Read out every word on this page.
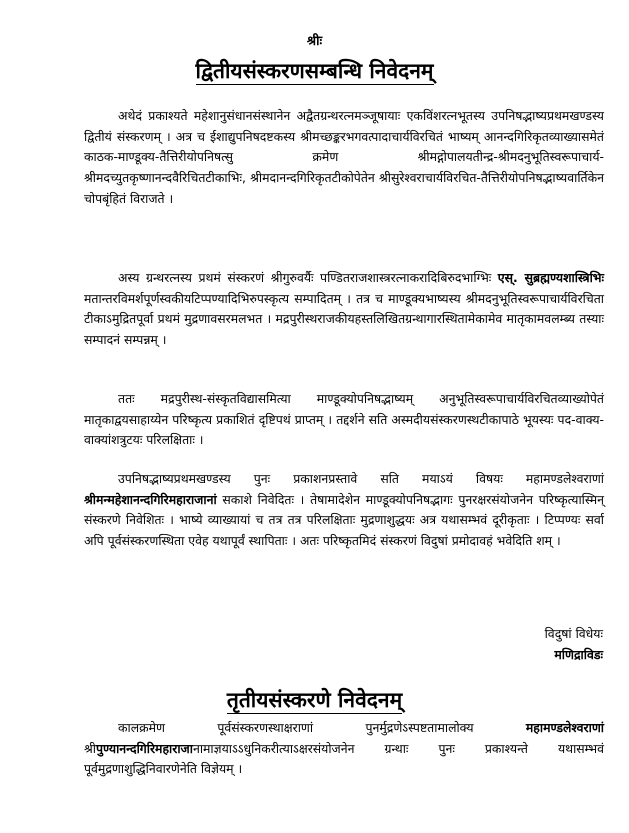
श्रीः
द्वितीयसंस्करणसम्बन्धि निवेदनम्

अथेदं प्रकाश्यते महेशानुसंधानसंस्थानेन अद्वैतग्रन्थरत्नमञ्जूषायाः एकविंशरत्नभूतस्य उपनिषद्भाष्यप्रथमखण्डस्य द्वितीयं संस्करणम् । अत्र च ईशाद्युपनिषदष्टकस्य श्रीमच्छङ्करभगवत्पादाचार्यविरचितं भाष्यम् आनन्दगिरिकृतव्याख्यासमेतं काठक-माण्डूक्य-तैत्तिरीयोपनिषत्सु क्रमेण श्रीमद्गोपालयतीन्द्र-श्रीमदनुभूतिस्वरूपाचार्य-श्रीमदच्युतकृष्णानन्दवैरिचितटीकाभिः, श्रीमदानन्दगिरिकृतटीकोपेतेन श्रीसुरेश्वराचार्यविरचित-तैत्तिरीयोपनिषद्भाष्यवार्तिकेन चोपबृंहितं विराजते ।

अस्य ग्रन्थरत्नस्य प्रथमं संस्करणं श्रीगुरुवर्यैः पण्डितराजशास्त्ररत्नाकरादिबिरुदभाग्भिः एस्. सुब्रह्मण्यशास्त्रिभिः मतान्तरविमर्शपूर्णस्वकीयटिप्पण्यादिभिरुपस्कृत्य सम्पादितम् । तत्र च माण्डूक्यभाष्यस्य श्रीमदनुभूतिस्वरूपाचार्यविरचिता टीकाऽमुद्रितपूर्वा प्रथमं मुद्रणावसरमलभत । मद्रपुरीस्थराजकीयहस्तलिखितग्रन्थागारस्थितामेकामेव मातृकामवलम्ब्य तस्याः सम्पादनं सम्पन्नम् ।

ततः मद्रपुरीस्थ-संस्कृतविद्यासमित्या माण्डूक्योपनिषद्भाष्यम् अनुभूतिस्वरूपाचार्यविरचितव्याख्योपेतं मातृकाद्वयसाहाय्येन परिष्कृत्य प्रकाशितं दृष्टिपथं प्राप्तम् । तद्दर्शने सति अस्मदीयसंस्करणस्थटीकापाठे भूयस्यः पद-वाक्य-वाक्यांशत्रुटयः परिलक्षिताः ।

उपनिषद्भाष्यप्रथमखण्डस्य पुनः प्रकाशनप्रस्तावे सति मयाऽयं विषयः महामण्डलेश्वराणां श्रीमन्महेशानन्दगिरिमहाराजानां सकाशे निवेदितः । तेषामादेशेन माण्डूक्योपनिषद्भागः पुनरक्षरसंयोजनेन परिष्कृत्यास्मिन् संस्करणे निवेशितः । भाष्ये व्याख्यायां च तत्र तत्र परिलक्षिताः मुद्रणाशुद्धयः अत्र यथासम्भवं दूरीकृताः । टिप्पण्यः सर्वा अपि पूर्वसंस्करणस्थिता एवेह यथापूर्वं स्थापिताः । अतः परिष्कृतमिदं संस्करणं विदुषां प्रमोदावहं भवेदिति शम् ।

विदुषां विधेयः
मणिद्राविडः
तृतीयसंस्करणे निवेदनम्

कालक्रमेण पूर्वसंस्करणस्थाक्षराणां पुनर्मुद्रणेऽस्पष्टतामालोक्य महामण्डलेश्वराणां श्रीपुण्यानन्दगिरिमहाराजानामाज्ञयाऽऽधुनिकरीत्याऽक्षरसंयोजनेन ग्रन्थाः पुनः प्रकाश्यन्ते यथासम्भवं पूर्वमुद्रणाशुद्धिनिवारणेनेति विज्ञेयम् ।
